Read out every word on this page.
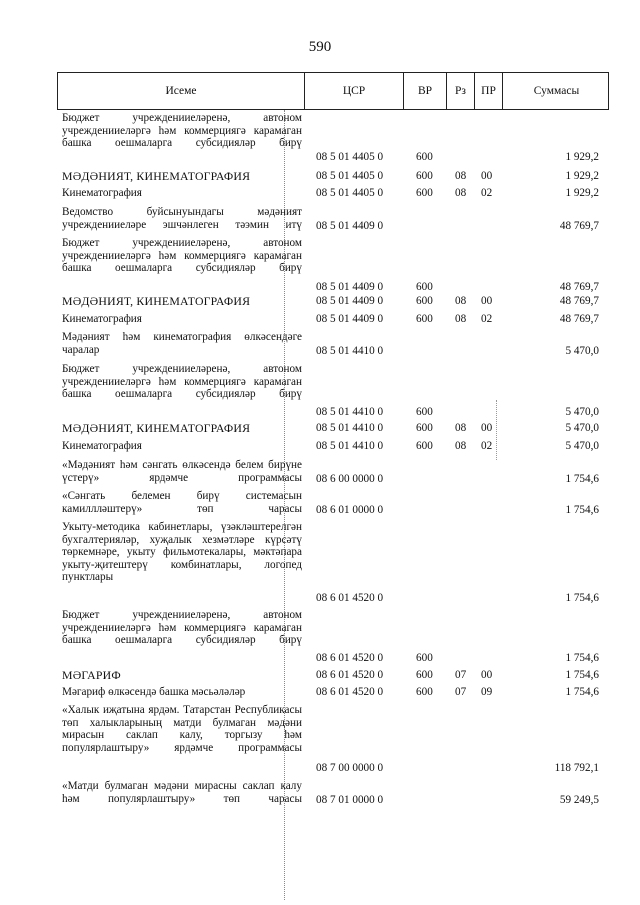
590
Исеме	ЦСР	ВР	Рз	ПР	Суммасы
Бюджет учрежденииеләренә, автоном учрежденииеләргә һәм коммерциягә карамаган башка оешмаларга субсидияләр бирү
08 5 01 4405 0	600	1 929,2
МӘДӘНИЯТ, КИНЕМАТОГРАФИЯ	08 5 01 4405 0	600	08	00	1 929,2
Кинематография	08 5 01 4405 0	600	08	02	1 929,2
Ведомство буйсынуындагы мәдәният учрежденииеләре эшчәнлеген тәэмин итү 08 5 01 4409 0	48 769,7
Бюджет учрежденииеләренә, автоном учрежденииеләргә һәм коммерциягә карамаган башка оешмаларга субсидияләр бирү
08 5 01 4409 0	600	48 769,7
МӘДӘНИЯТ, КИНЕМАТОГРАФИЯ	08 5 01 4409 0	600	08	00	48 769,7
Кинематография	08 5 01 4409 0	600	08	02	48 769,7
Мәдәният һәм кинематография өлкәсендәге чаралар	08 5 01 4410 0	5 470,0
Бюджет учрежденииеләренә, автоном учрежденииеләргә һәм коммерциягә карамаган башка оешмаларга субсидияләр бирү
08 5 01 4410 0	600	5 470,0
МӘДӘНИЯТ, КИНЕМАТОГРАФИЯ	08 5 01 4410 0	600	08	00	5 470,0
Кинематография	08 5 01 4410 0	600	08	02	5 470,0
«Мәдәният һәм сәнгать өлкәсендә белем бирүне үстерү» ярдәмче программасы 08 6 00 0000 0	1 754,6
«Сәнгать белемен бирү системасын камиллләштерү» төп чарасы 08 6 01 0000 0	1 754,6
Укыту-методика кабинетлары, үзәкләштерелгән бухгалтерияләр, хуҗалык хезмәтләре күрсәтү төркемнәре, укыту фильмотекалары, мәктәпара укыту-җитештерү комбинатлары, логопед пунктлары
08 6 01 4520 0	1 754,6
Бюджет учрежденииеләренә, автоном учрежденииеләргә һәм коммерциягә карамаган башка оешмаларга субсидияләр бирү
08 6 01 4520 0	600	1 754,6
МӘГАРИФ	08 6 01 4520 0	600	07	00	1 754,6
Мәгариф өлкәсендә башка мәсьәләләр	08 6 01 4520 0	600	07	09	1 754,6
«Халык иҗатына ярдәм. Татарстан Республикасы төп халыкларының матди булмаган мәдәни мирасын саклап калу, торгызу һәм популярлаштыру» ярдәмче программасы
08 7 00 0000 0	118 792,1
«Матди булмаган мәдәни мирасны саклап калу һәм популярлаштыру» төп чарасы 08 7 01 0000 0	59 249,5
